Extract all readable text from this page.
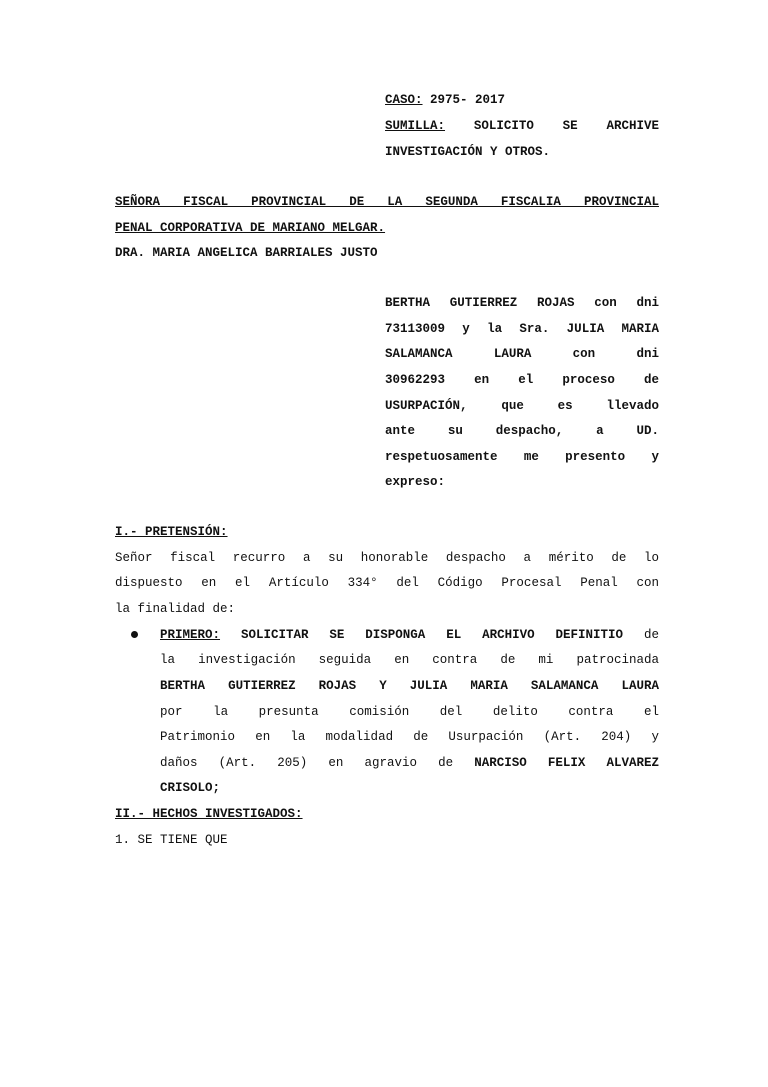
CASO: 2975- 2017
SUMILLA: SOLICITO SE ARCHIVE
INVESTIGACIÓN Y OTROS.
SEÑORA FISCAL PROVINCIAL DE LA SEGUNDA FISCALIA PROVINCIAL
PENAL CORPORATIVA DE MARIANO MELGAR.
DRA. MARIA ANGELICA BARRIALES JUSTO
BERTHA GUTIERREZ ROJAS con dni
73113009 y la Sra. JULIA MARIA
SALAMANCA LAURA con dni
30962293 en el proceso de
USURPACIÓN, que es llevado
ante su despacho, a UD.
respetuosamente me presento y
expreso:
I.- PRETENSIÓN:
Señor fiscal recurro a su honorable despacho a mérito de lo
dispuesto en el Artículo 334° del Código Procesal Penal con
la finalidad de:
PRIMERO: SOLICITAR SE DISPONGA EL ARCHIVO DEFINITIO de
la investigación seguida en contra de mi patrocinada
BERTHA GUTIERREZ ROJAS Y JULIA MARIA SALAMANCA LAURA
por la presunta comisión del delito contra el
Patrimonio en la modalidad de Usurpación (Art. 204) y
daños (Art. 205) en agravio de NARCISO FELIX ALVAREZ
CRISOLO;
II.- HECHOS INVESTIGADOS:
1. SE TIENE QUE
